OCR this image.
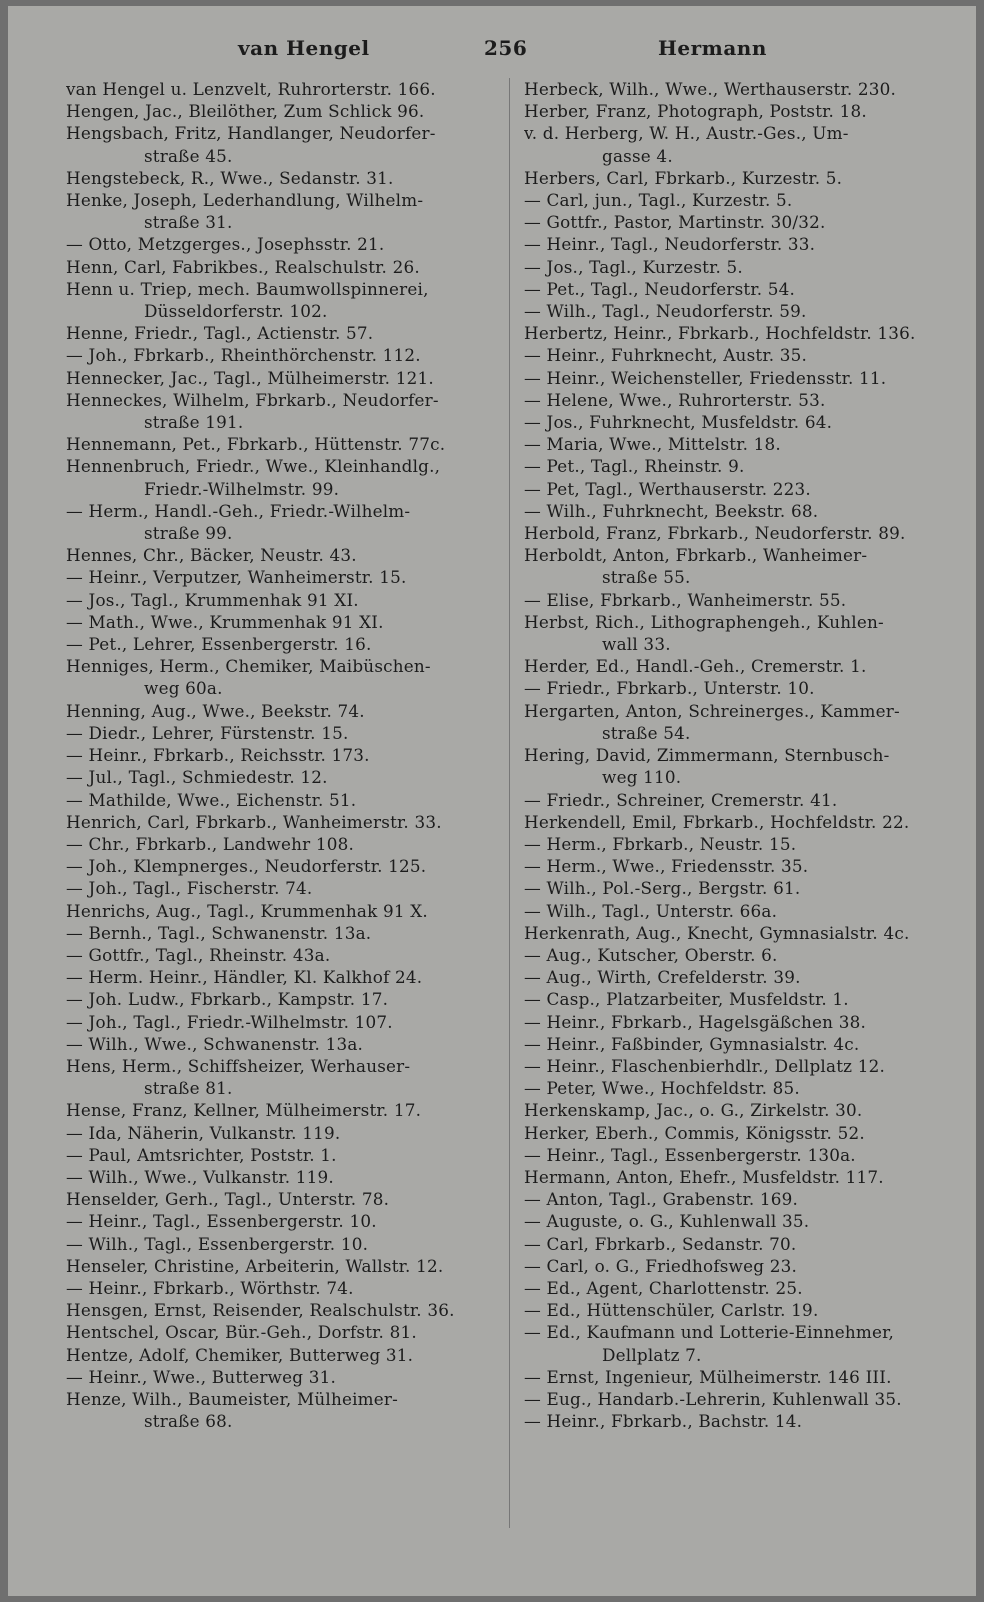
van Hengel	256	Hermann
van Hengel u. Lenzvelt, Ruhrorterstr. 166.
Hengen, Jac., Bleilöther, Zum Schlick 96.
Hengsbach, Fritz, Handlanger, Neudorfer-
straße 45.
Hengstebeck, R., Wwe., Sedanstr. 31.
Henke, Joseph, Lederhandlung, Wilhelm-
straße 31.
— Otto, Metzgerges., Josephsstr. 21.
Henn, Carl, Fabrikbes., Realschulstr. 26.
Henn u. Triep, mech. Baumwollspinnerei,
Düsseldorferstr. 102.
Henne, Friedr., Tagl., Actienstr. 57.
— Joh., Fbrkarb., Rheinthörchenstr. 112.
Hennecker, Jac., Tagl., Mülheimerstr. 121.
Henneckes, Wilhelm, Fbrkarb., Neudorfer-
straße 191.
Hennemann, Pet., Fbrkarb., Hüttenstr. 77c.
Hennenbruch, Friedr., Wwe., Kleinhandlg.,
Friedr.-Wilhelmstr. 99.
— Herm., Handl.-Geh., Friedr.-Wilhelm-
straße 99.
Hennes, Chr., Bäcker, Neustr. 43.
— Heinr., Verputzer, Wanheimerstr. 15.
— Jos., Tagl., Krummenhak 91 XI.
— Math., Wwe., Krummenhak 91 XI.
— Pet., Lehrer, Essenbergerstr. 16.
Henniges, Herm., Chemiker, Maibüschen-
weg 60a.
Henning, Aug., Wwe., Beekstr. 74.
— Diedr., Lehrer, Fürstenstr. 15.
— Heinr., Fbrkarb., Reichsstr. 173.
— Jul., Tagl., Schmiedestr. 12.
— Mathilde, Wwe., Eichenstr. 51.
Henrich, Carl, Fbrkarb., Wanheimerstr. 33.
— Chr., Fbrkarb., Landwehr 108.
— Joh., Klempnerges., Neudorferstr. 125.
— Joh., Tagl., Fischerstr. 74.
Henrichs, Aug., Tagl., Krummenhak 91 X.
— Bernh., Tagl., Schwanenstr. 13a.
— Gottfr., Tagl., Rheinstr. 43a.
— Herm. Heinr., Händler, Kl. Kalkhof 24.
— Joh. Ludw., Fbrkarb., Kampstr. 17.
— Joh., Tagl., Friedr.-Wilhelmstr. 107.
— Wilh., Wwe., Schwanenstr. 13a.
Hens, Herm., Schiffsheizer, Werhauser-
straße 81.
Hense, Franz, Kellner, Mülheimerstr. 17.
— Ida, Näherin, Vulkanstr. 119.
— Paul, Amtsrichter, Poststr. 1.
— Wilh., Wwe., Vulkanstr. 119.
Henselder, Gerh., Tagl., Unterstr. 78.
— Heinr., Tagl., Essenbergerstr. 10.
— Wilh., Tagl., Essenbergerstr. 10.
Henseler, Christine, Arbeiterin, Wallstr. 12.
— Heinr., Fbrkarb., Wörthstr. 74.
Hensgen, Ernst, Reisender, Realschulstr. 36.
Hentschel, Oscar, Bür.-Geh., Dorfstr. 81.
Hentze, Adolf, Chemiker, Butterweg 31.
— Heinr., Wwe., Butterweg 31.
Henze, Wilh., Baumeister, Mülheimer-
straße 68.
Herbeck, Wilh., Wwe., Werthauserstr. 230.
Herber, Franz, Photograph, Poststr. 18.
v. d. Herberg, W. H., Austr.-Ges., Um-
gasse 4.
Herbers, Carl, Fbrkarb., Kurzestr. 5.
— Carl, jun., Tagl., Kurzestr. 5.
— Gottfr., Pastor, Martinstr. 30/32.
— Heinr., Tagl., Neudorferstr. 33.
— Jos., Tagl., Kurzestr. 5.
— Pet., Tagl., Neudorferstr. 54.
— Wilh., Tagl., Neudorferstr. 59.
Herbertz, Heinr., Fbrkarb., Hochfeldstr. 136.
— Heinr., Fuhrknecht, Austr. 35.
— Heinr., Weichensteller, Friedensstr. 11.
— Helene, Wwe., Ruhrorterstr. 53.
— Jos., Fuhrknecht, Musfeldstr. 64.
— Maria, Wwe., Mittelstr. 18.
— Pet., Tagl., Rheinstr. 9.
— Pet, Tagl., Werthauserstr. 223.
— Wilh., Fuhrknecht, Beekstr. 68.
Herbold, Franz, Fbrkarb., Neudorferstr. 89.
Herboldt, Anton, Fbrkarb., Wanheimer-
straße 55.
— Elise, Fbrkarb., Wanheimerstr. 55.
Herbst, Rich., Lithographengeh., Kuhlen-
wall 33.
Herder, Ed., Handl.-Geh., Cremerstr. 1.
— Friedr., Fbrkarb., Unterstr. 10.
Hergarten, Anton, Schreinerges., Kammer-
straße 54.
Hering, David, Zimmermann, Sternbusch-
weg 110.
— Friedr., Schreiner, Cremerstr. 41.
Herkendell, Emil, Fbrkarb., Hochfeldstr. 22.
— Herm., Fbrkarb., Neustr. 15.
— Herm., Wwe., Friedensstr. 35.
— Wilh., Pol.-Serg., Bergstr. 61.
— Wilh., Tagl., Unterstr. 66a.
Herkenrath, Aug., Knecht, Gymnasialstr. 4c.
— Aug., Kutscher, Oberstr. 6.
— Aug., Wirth, Crefelderstr. 39.
— Casp., Platzarbeiter, Musfeldstr. 1.
— Heinr., Fbrkarb., Hagelsgäßchen 38.
— Heinr., Faßbinder, Gymnasialstr. 4c.
— Heinr., Flaschenbierhdlr., Dellplatz 12.
— Peter, Wwe., Hochfeldstr. 85.
Herkenskamp, Jac., o. G., Zirkelstr. 30.
Herker, Eberh., Commis, Königsstr. 52.
— Heinr., Tagl., Essenbergerstr. 130a.
Hermann, Anton, Ehefr., Musfeldstr. 117.
— Anton, Tagl., Grabenstr. 169.
— Auguste, o. G., Kuhlenwall 35.
— Carl, Fbrkarb., Sedanstr. 70.
— Carl, o. G., Friedhofsweg 23.
— Ed., Agent, Charlottenstr. 25.
— Ed., Hüttenschüler, Carlstr. 19.
— Ed., Kaufmann und Lotterie-Einnehmer,
Dellplatz 7.
— Ernst, Ingenieur, Mülheimerstr. 146 III.
— Eug., Handarb.-Lehrerin, Kuhlenwall 35.
— Heinr., Fbrkarb., Bachstr. 14.
